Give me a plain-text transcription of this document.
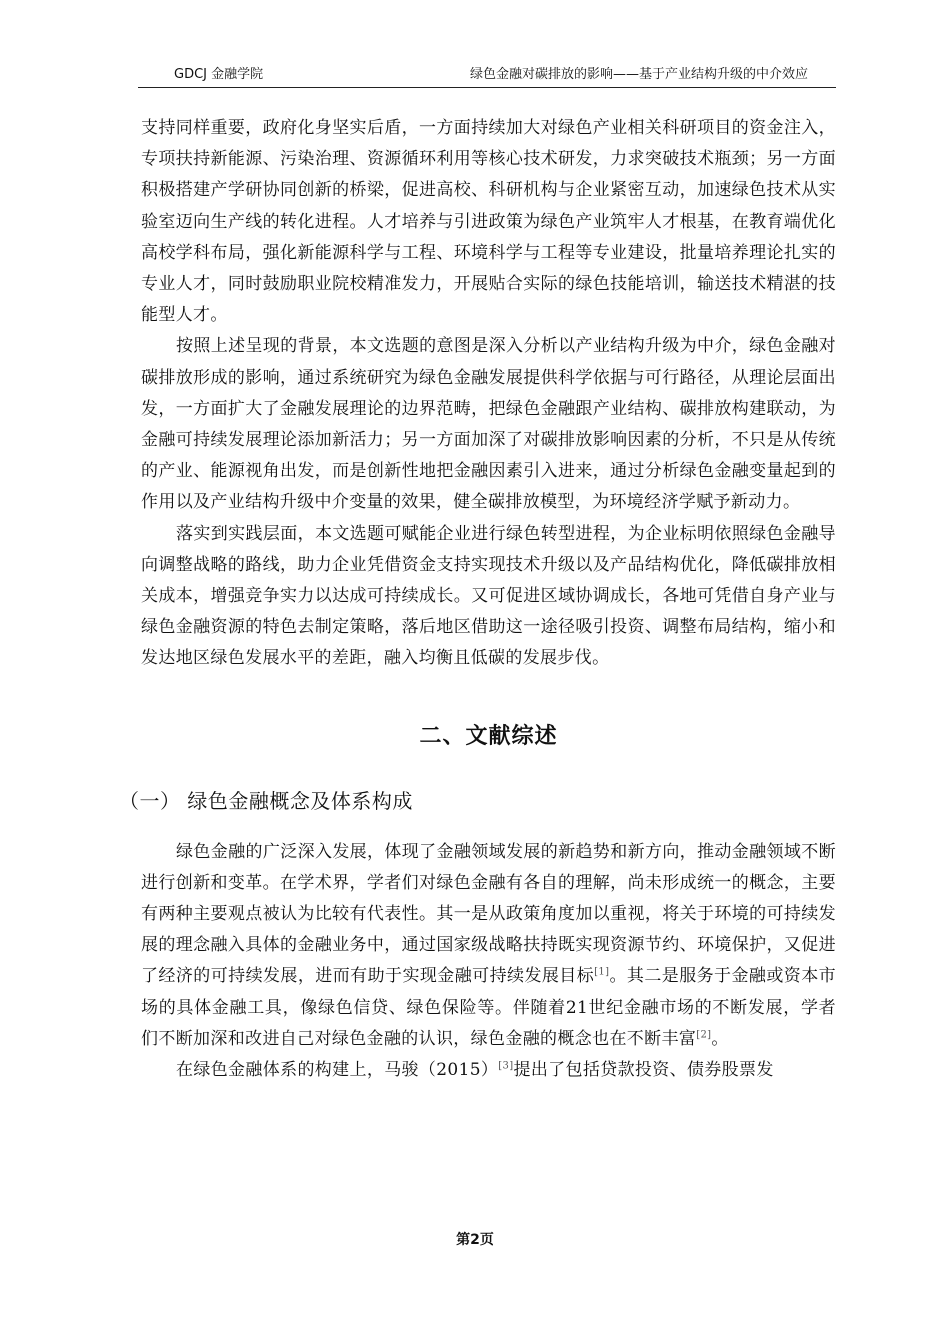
GDCJ 金融学院	绿色金融对碳排放的影响——基于产业结构升级的中介效应

支持同样重要，政府化身坚实后盾，一方面持续加大对绿色产业相关科研项目的资金注入，专项扶持新能源、污染治理、资源循环利用等核心技术研发，力求突破技术瓶颈；另一方面积极搭建产学研协同创新的桥梁，促进高校、科研机构与企业紧密互动，加速绿色技术从实验室迈向生产线的转化进程。人才培养与引进政策为绿色产业筑牢人才根基，在教育端优化高校学科布局，强化新能源科学与工程、环境科学与工程等专业建设，批量培养理论扎实的专业人才，同时鼓励职业院校精准发力，开展贴合实际的绿色技能培训，输送技术精湛的技能型人才。

按照上述呈现的背景，本文选题的意图是深入分析以产业结构升级为中介，绿色金融对碳排放形成的影响，通过系统研究为绿色金融发展提供科学依据与可行路径，从理论层面出发，一方面扩大了金融发展理论的边界范畴，把绿色金融跟产业结构、碳排放构建联动，为金融可持续发展理论添加新活力；另一方面加深了对碳排放影响因素的分析，不只是从传统的产业、能源视角出发，而是创新性地把金融因素引入进来，通过分析绿色金融变量起到的作用以及产业结构升级中介变量的效果，健全碳排放模型，为环境经济学赋予新动力。

落实到实践层面，本文选题可赋能企业进行绿色转型进程，为企业标明依照绿色金融导向调整战略的路线，助力企业凭借资金支持实现技术升级以及产品结构优化，降低碳排放相关成本，增强竞争实力以达成可持续成长。又可促进区域协调成长，各地可凭借自身产业与绿色金融资源的特色去制定策略，落后地区借助这一途径吸引投资、调整布局结构，缩小和发达地区绿色发展水平的差距，融入均衡且低碳的发展步伐。

二、文献综述
（一） 绿色金融概念及体系构成

绿色金融的广泛深入发展，体现了金融领域发展的新趋势和新方向，推动金融领域不断进行创新和变革。在学术界，学者们对绿色金融有各自的理解，尚未形成统一的概念，主要有两种主要观点被认为比较有代表性。其一是从政策角度加以重视，将关于环境的可持续发展的理念融入具体的金融业务中，通过国家级战略扶持既实现资源节约、环境保护，又促进了经济的可持续发展，进而有助于实现金融可持续发展目标[1]。其二是服务于金融或资本市场的具体金融工具，像绿色信贷、绿色保险等。伴随着21世纪金融市场的不断发展，学者们不断加深和改进自己对绿色金融的认识，绿色金融的概念也在不断丰富[2]。

在绿色金融体系的构建上，马骏（2015）[3]提出了包括贷款投资、债券股票发

第2页
